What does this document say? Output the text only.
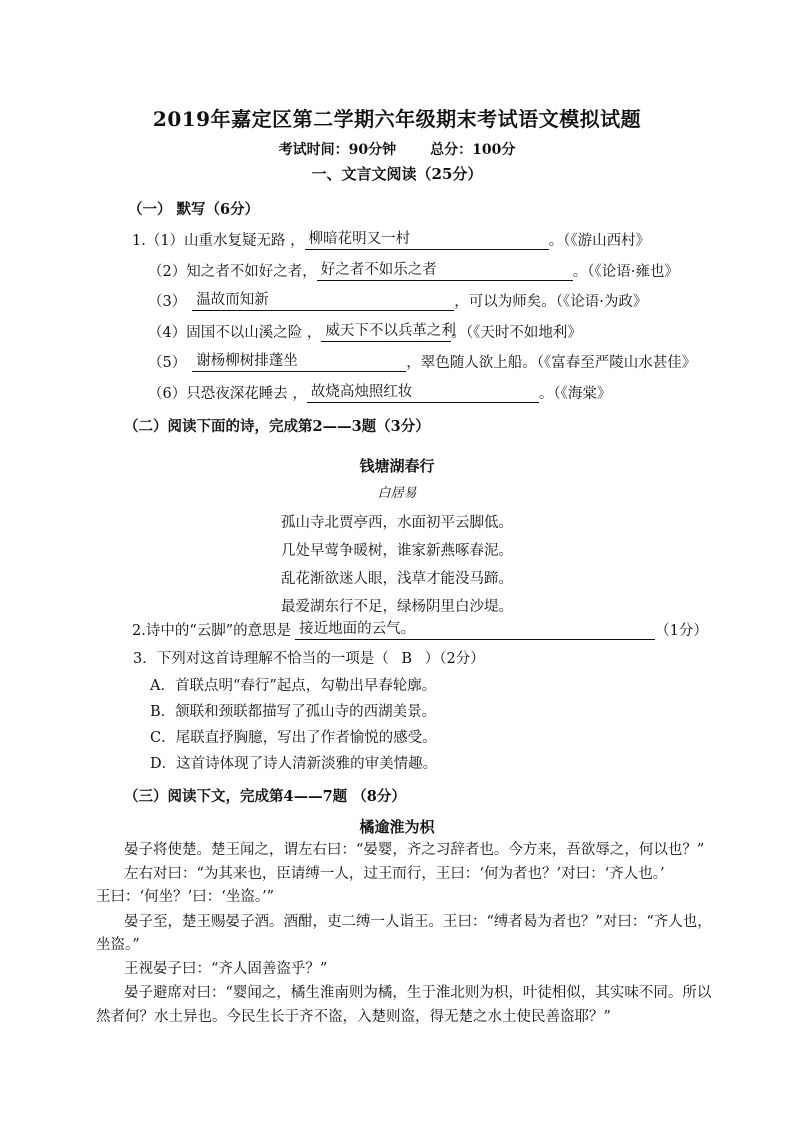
2019年嘉定区第二学期六年级期末考试语文模拟试题
考试时间：90分钟 总分：100分
一、文言文阅读（25分）
（一） 默写（6分）
1.（1）山重水复疑无路 ， 柳暗花明又一村	。（《游山西村》
（2）知之者不如好之者， 好之者不如乐之者	。（《论语·雍也》
（3） 温故而知新	，可以为师矣。（《论语·为政》
（4）固国不以山溪之险 ， 威天下不以兵革之利。（《天时不如地利》
（5） 谢杨柳树排蓬坐	，翠色随人欲上船。（《富春至严陵山水甚佳》
（6）只恐夜深花睡去 ， 故烧高烛照红妆	。（《海棠》
（二）阅读下面的诗，完成第2——3题（3分）
钱塘湖春行
白居易
孤山寺北贾亭西，水面初平云脚低。
几处早莺争暖树，谁家新燕啄春泥。
乱花渐欲迷人眼，浅草才能没马蹄。
最爱湖东行不足，绿杨阴里白沙堤。
2.诗中的“云脚”的意思是 接近地面的云气。	（1分）
3．下列对这首诗理解不恰当的一项是（ B ）（2分）
A．首联点明“春行”起点，勾勒出早春轮廓。
B．颔联和颈联都描写了孤山寺的西湖美景。
C．尾联直抒胸臆，写出了作者愉悦的感受。
D．这首诗体现了诗人清新淡雅的审美情趣。
（三）阅读下文，完成第4——7题 （8分）
橘逾淮为枳
晏子将使楚。楚王闻之，谓左右曰：“晏婴，齐之习辞者也。今方来，吾欲辱之，何以也？”
左右对曰：“为其来也，臣请缚一人，过王而行，王曰：‘何为者也？’对曰：‘齐人也。’
王曰：‘何坐？’曰：‘坐盗。’”
晏子至，楚王赐晏子酒。酒酣，吏二缚一人诣王。王曰：“缚者曷为者也？”对曰：“齐人也，
坐盗。”
王视晏子曰：“齐人固善盗乎？”
晏子避席对曰：“婴闻之，橘生淮南则为橘，生于淮北则为枳，叶徒相似，其实味不同。所以
然者何？水土异也。今民生长于齐不盗，入楚则盗，得无楚之水土使民善盗耶？”
